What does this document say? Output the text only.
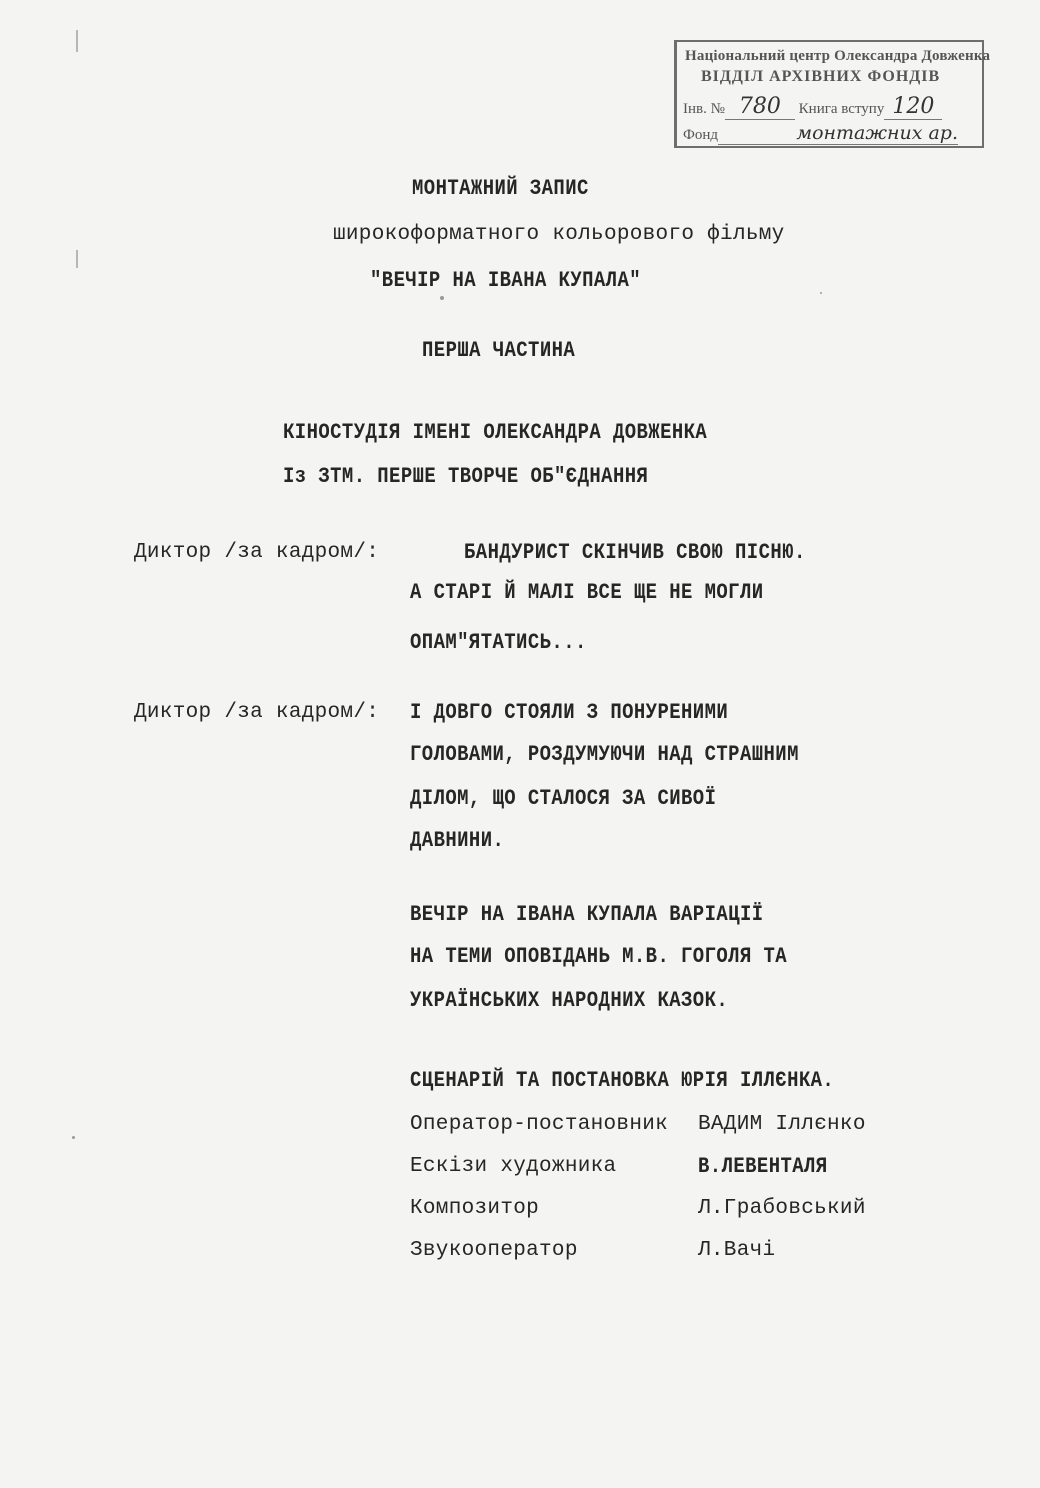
Національний центр Олександра Довженка
ВІДДІЛ АРХІВНИХ ФОНДІВ
Інв. № 780 Книга вступу 120
Фонд	монтажних ар.
МОНТАЖНИЙ ЗАПИС
широкоформатного кольорового фільму
"ВЕЧІР НА ІВАНА КУПАЛА"
ПЕРША ЧАСТИНА
КІНОСТУДІЯ ІМЕНІ ОЛЕКСАНДРА ДОВЖЕНКА
Із ЗТМ. ПЕРШЕ ТВОРЧЕ ОБ"ЄДНАННЯ
Диктор /за кадром/:	БАНДУРИСТ СКІНЧИВ СВОЮ ПІСНЮ.
А СТАРІ Й МАЛІ ВСЕ ЩЕ НЕ МОГЛИ
ОПАМ"ЯТАТИСЬ...
Диктор /за кадром/: І ДОВГО СТОЯЛИ З ПОНУРЕНИМИ
ГОЛОВАМИ, РОЗДУМУЮЧИ НАД СТРАШНИМ
ДІЛОМ, ЩО СТАЛОСЯ ЗА СИВОЇ
ДАВНИНИ.
ВЕЧІР НА ІВАНА КУПАЛА ВАРІАЦІЇ
НА ТЕМИ ОПОВІДАНЬ М.В. ГОГОЛЯ ТА
УКРАЇНСЬКИХ НАРОДНИХ КАЗОК.
СЦЕНАРІЙ ТА ПОСТАНОВКА ЮРІЯ ІЛЛЄНКА.
Оператор-постановник ВАДИМ Іллєнко
Ескізи художника	В.ЛЕВЕНТАЛЯ
Композитор	Л.Грабовський
Звукооператор	Л.Вачі
